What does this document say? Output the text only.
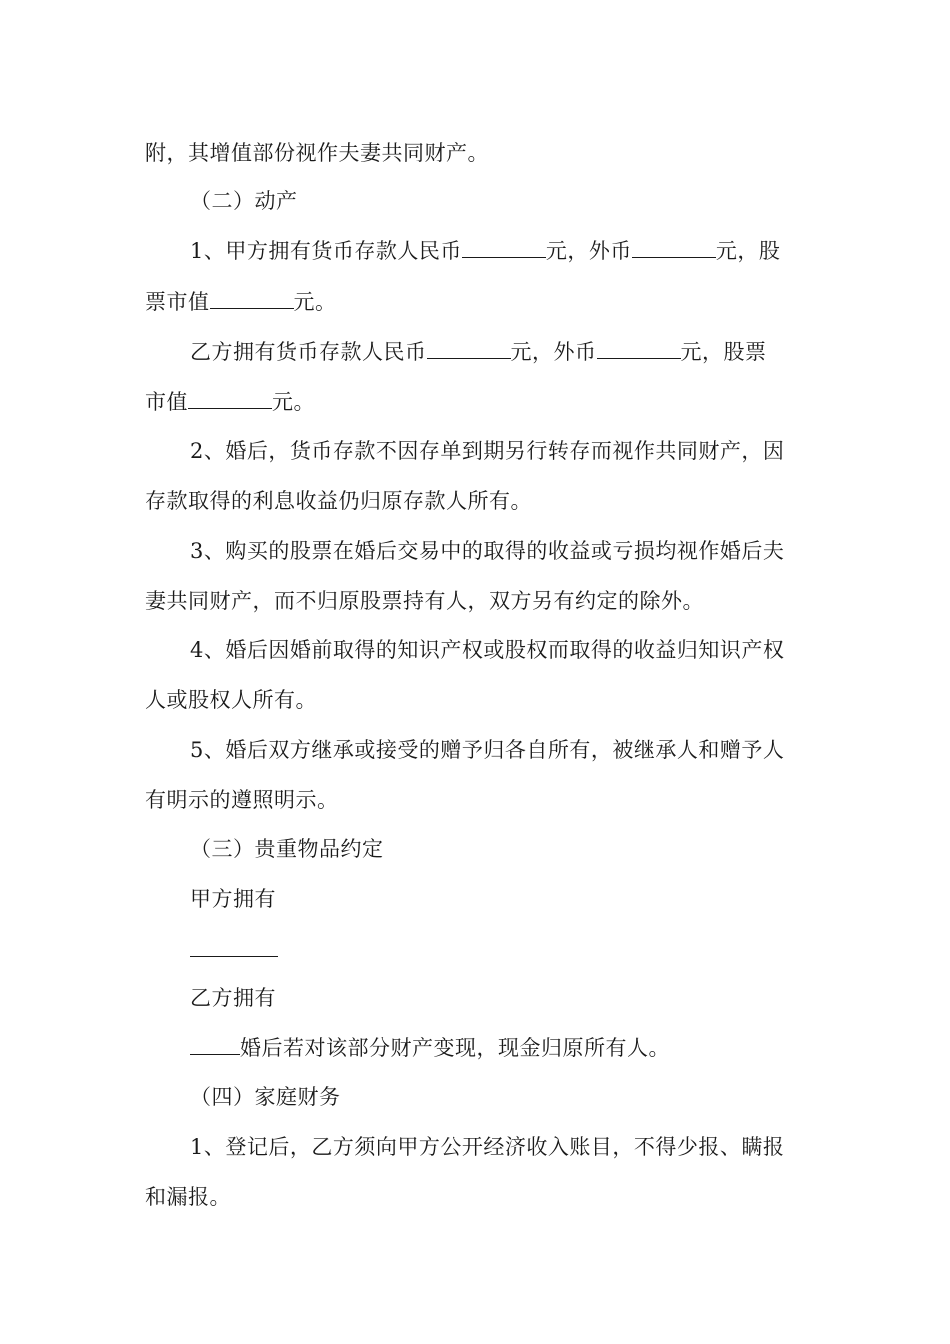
附，其增值部份视作夫妻共同财产。
（二）动产
1、甲方拥有货币存款人民币	元，外币	元，股
票市值	元。
乙方拥有货币存款人民币	元，外币	元，股票
市值	元。
2、婚后，货币存款不因存单到期另行转存而视作共同财产，因
存款取得的利息收益仍归原存款人所有。
3、购买的股票在婚后交易中的取得的收益或亏损均视作婚后夫
妻共同财产，而不归原股票持有人，双方另有约定的除外。
4、婚后因婚前取得的知识产权或股权而取得的收益归知识产权
人或股权人所有。
5、婚后双方继承或接受的赠予归各自所有，被继承人和赠予人
有明示的遵照明示。
（三）贵重物品约定
甲方拥有
乙方拥有
婚后若对该部分财产变现，现金归原所有人。
（四）家庭财务
1、登记后，乙方须向甲方公开经济收入账目，不得少报、瞒报
和漏报。
